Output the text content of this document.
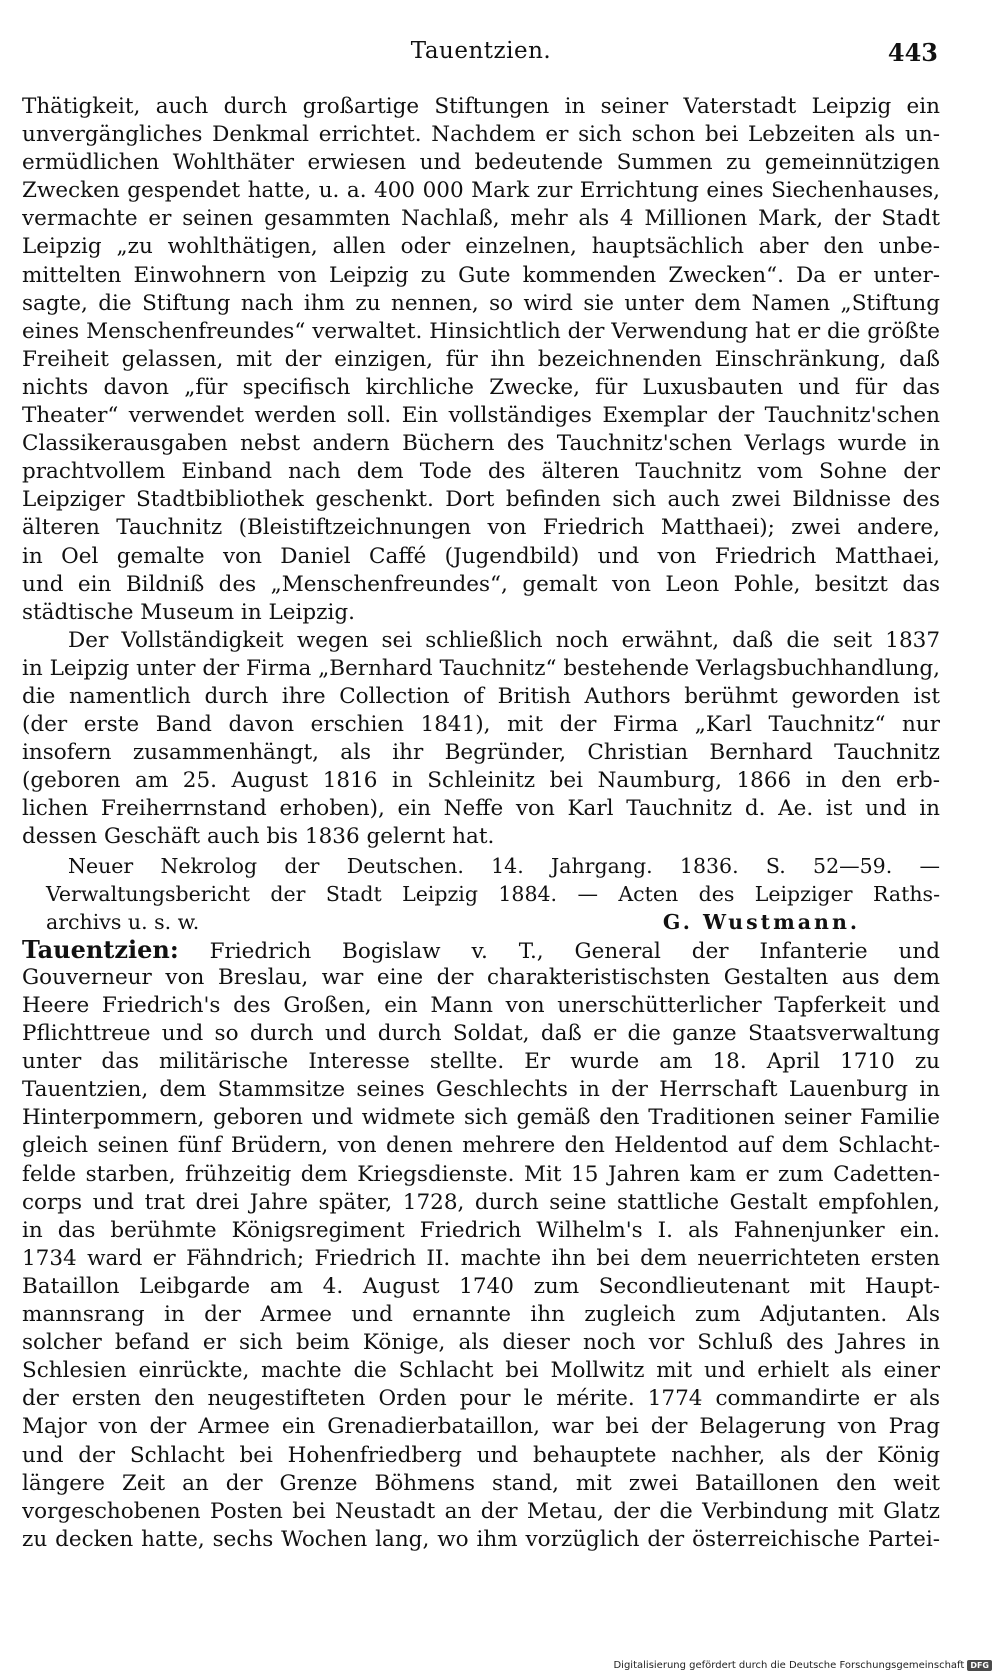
Tauentzien.	443
Thätigkeit, auch durch großartige Stiftungen in seiner Vaterstadt Leipzig ein
unvergängliches Denkmal errichtet. Nachdem er sich schon bei Lebzeiten als un-
ermüdlichen Wohlthäter erwiesen und bedeutende Summen zu gemeinnützigen
Zwecken gespendet hatte, u. a. 400 000 Mark zur Errichtung eines Siechenhauses,
vermachte er seinen gesammten Nachlaß, mehr als 4 Millionen Mark, der Stadt
Leipzig „zu wohlthätigen, allen oder einzelnen, hauptsächlich aber den unbe-
mittelten Einwohnern von Leipzig zu Gute kommenden Zwecken“. Da er unter-
sagte, die Stiftung nach ihm zu nennen, so wird sie unter dem Namen „Stiftung
eines Menschenfreundes“ verwaltet. Hinsichtlich der Verwendung hat er die größte
Freiheit gelassen, mit der einzigen, für ihn bezeichnenden Einschränkung, daß
nichts davon „für specifisch kirchliche Zwecke, für Luxusbauten und für das
Theater“ verwendet werden soll. Ein vollständiges Exemplar der Tauchnitz'schen
Classikerausgaben nebst andern Büchern des Tauchnitz'schen Verlags wurde in
prachtvollem Einband nach dem Tode des älteren Tauchnitz vom Sohne der
Leipziger Stadtbibliothek geschenkt. Dort befinden sich auch zwei Bildnisse des
älteren Tauchnitz (Bleistiftzeichnungen von Friedrich Matthaei); zwei andere,
in Oel gemalte von Daniel Caffé (Jugendbild) und von Friedrich Matthaei,
und ein Bildniß des „Menschenfreundes“, gemalt von Leon Pohle, besitzt das
städtische Museum in Leipzig.
Der Vollständigkeit wegen sei schließlich noch erwähnt, daß die seit 1837
in Leipzig unter der Firma „Bernhard Tauchnitz“ bestehende Verlagsbuchhandlung,
die namentlich durch ihre Collection of British Authors berühmt geworden ist
(der erste Band davon erschien 1841), mit der Firma „Karl Tauchnitz“ nur
insofern zusammenhängt, als ihr Begründer, Christian Bernhard Tauchnitz
(geboren am 25. August 1816 in Schleinitz bei Naumburg, 1866 in den erb-
lichen Freiherrnstand erhoben), ein Neffe von Karl Tauchnitz d. Ae. ist und in
dessen Geschäft auch bis 1836 gelernt hat.
Neuer Nekrolog der Deutschen. 14. Jahrgang. 1836. S. 52—59. —
Verwaltungsbericht der Stadt Leipzig 1884. — Acten des Leipziger Raths-
archivs u. s. w.	G. Wustmann.
Tauentzien: Friedrich Bogislaw v. T., General der Infanterie und
Gouverneur von Breslau, war eine der charakteristischsten Gestalten aus dem
Heere Friedrich's des Großen, ein Mann von unerschütterlicher Tapferkeit und
Pflichttreue und so durch und durch Soldat, daß er die ganze Staatsverwaltung
unter das militärische Interesse stellte. Er wurde am 18. April 1710 zu
Tauentzien, dem Stammsitze seines Geschlechts in der Herrschaft Lauenburg in
Hinterpommern, geboren und widmete sich gemäß den Traditionen seiner Familie
gleich seinen fünf Brüdern, von denen mehrere den Heldentod auf dem Schlacht-
felde starben, frühzeitig dem Kriegsdienste. Mit 15 Jahren kam er zum Cadetten-
corps und trat drei Jahre später, 1728, durch seine stattliche Gestalt empfohlen,
in das berühmte Königsregiment Friedrich Wilhelm's I. als Fahnenjunker ein.
1734 ward er Fähndrich; Friedrich II. machte ihn bei dem neuerrichteten ersten
Bataillon Leibgarde am 4. August 1740 zum Secondlieutenant mit Haupt-
mannsrang in der Armee und ernannte ihn zugleich zum Adjutanten. Als
solcher befand er sich beim Könige, als dieser noch vor Schluß des Jahres in
Schlesien einrückte, machte die Schlacht bei Mollwitz mit und erhielt als einer
der ersten den neugestifteten Orden pour le mérite. 1774 commandirte er als
Major von der Armee ein Grenadierbataillon, war bei der Belagerung von Prag
und der Schlacht bei Hohenfriedberg und behauptete nachher, als der König
längere Zeit an der Grenze Böhmens stand, mit zwei Bataillonen den weit
vorgeschobenen Posten bei Neustadt an der Metau, der die Verbindung mit Glatz
zu decken hatte, sechs Wochen lang, wo ihm vorzüglich der österreichische Partei-
Digitalisierung gefördert durch die Deutsche Forschungsgemeinschaft DFG
